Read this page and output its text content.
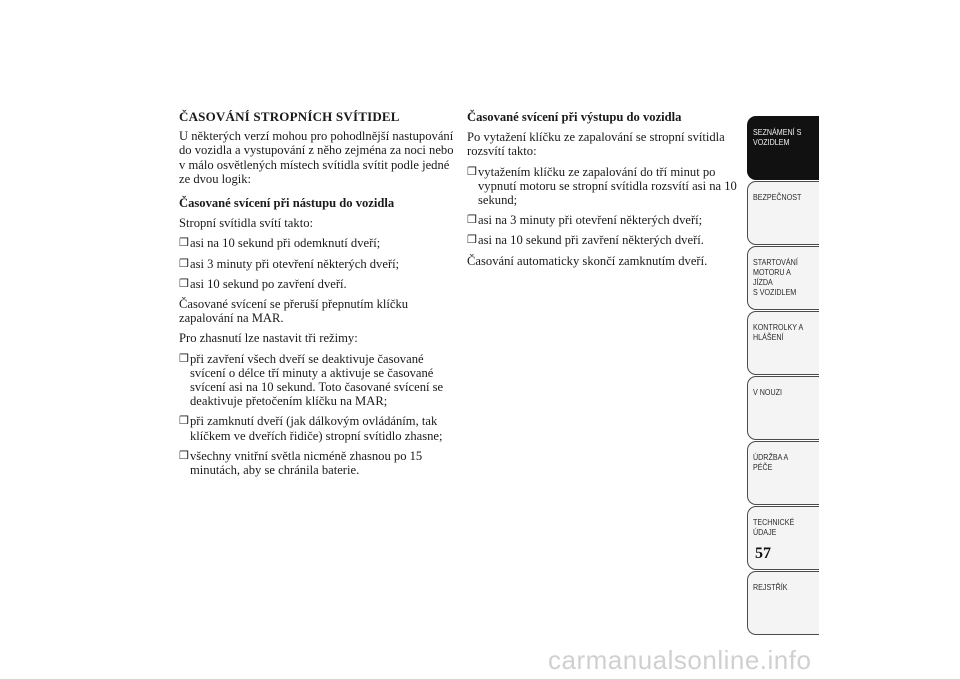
ČASOVÁNÍ STROPNÍCH SVÍTIDEL
U některých verzí mohou pro pohodlnější nastupování do vozidla a vystupování z něho zejména za noci nebo v málo osvětlených místech svítidla svítit podle jedné ze dvou logik:
Časované svícení při nástupu do vozidla
Stropní svítidla svítí takto:
❒ asi na 10 sekund při odemknutí dveří;
❒ asi 3 minuty při otevření některých dveří;
❒ asi 10 sekund po zavření dveří.
Časované svícení se přeruší přepnutím klíčku zapalování na MAR.
Pro zhasnutí lze nastavit tři režimy:
❒ při zavření všech dveří se deaktivuje časované svícení o délce tří minuty a aktivuje se časované svícení asi na 10 sekund. Toto časované svícení se deaktivuje přetočením klíčku na MAR;
❒ při zamknutí dveří (jak dálkovým ovládáním, tak klíčkem ve dveřích řidiče) stropní svítidlo zhasne;
❒ všechny vnitřní světla nicméně zhasnou po 15 minutách, aby se chránila baterie.
Časované svícení při výstupu do vozidla
Po vytažení klíčku ze zapalování se stropní svítidla rozsvítí takto:
❒ vytažením klíčku ze zapalování do tří minut po vypnutí motoru se stropní svítidla rozsvítí asi na 10 sekund;
❒ asi na 3 minuty při otevření některých dveří;
❒ asi na 10 sekund při zavření některých dveří.
Časování automaticky skončí zamknutím dveří.
SEZNÁMENÍ S
VOZIDLEM
BEZPEČNOST
STARTOVÁNÍ
MOTORU A JÍZDA
S VOZIDLEM
KONTROLKY A
HLÁŠENÍ
V NOUZI
ÚDRŽBA A PÉČE
TECHNICKÉ
ÚDAJE
REJSTŘÍK
57
carmanualsonline.info
